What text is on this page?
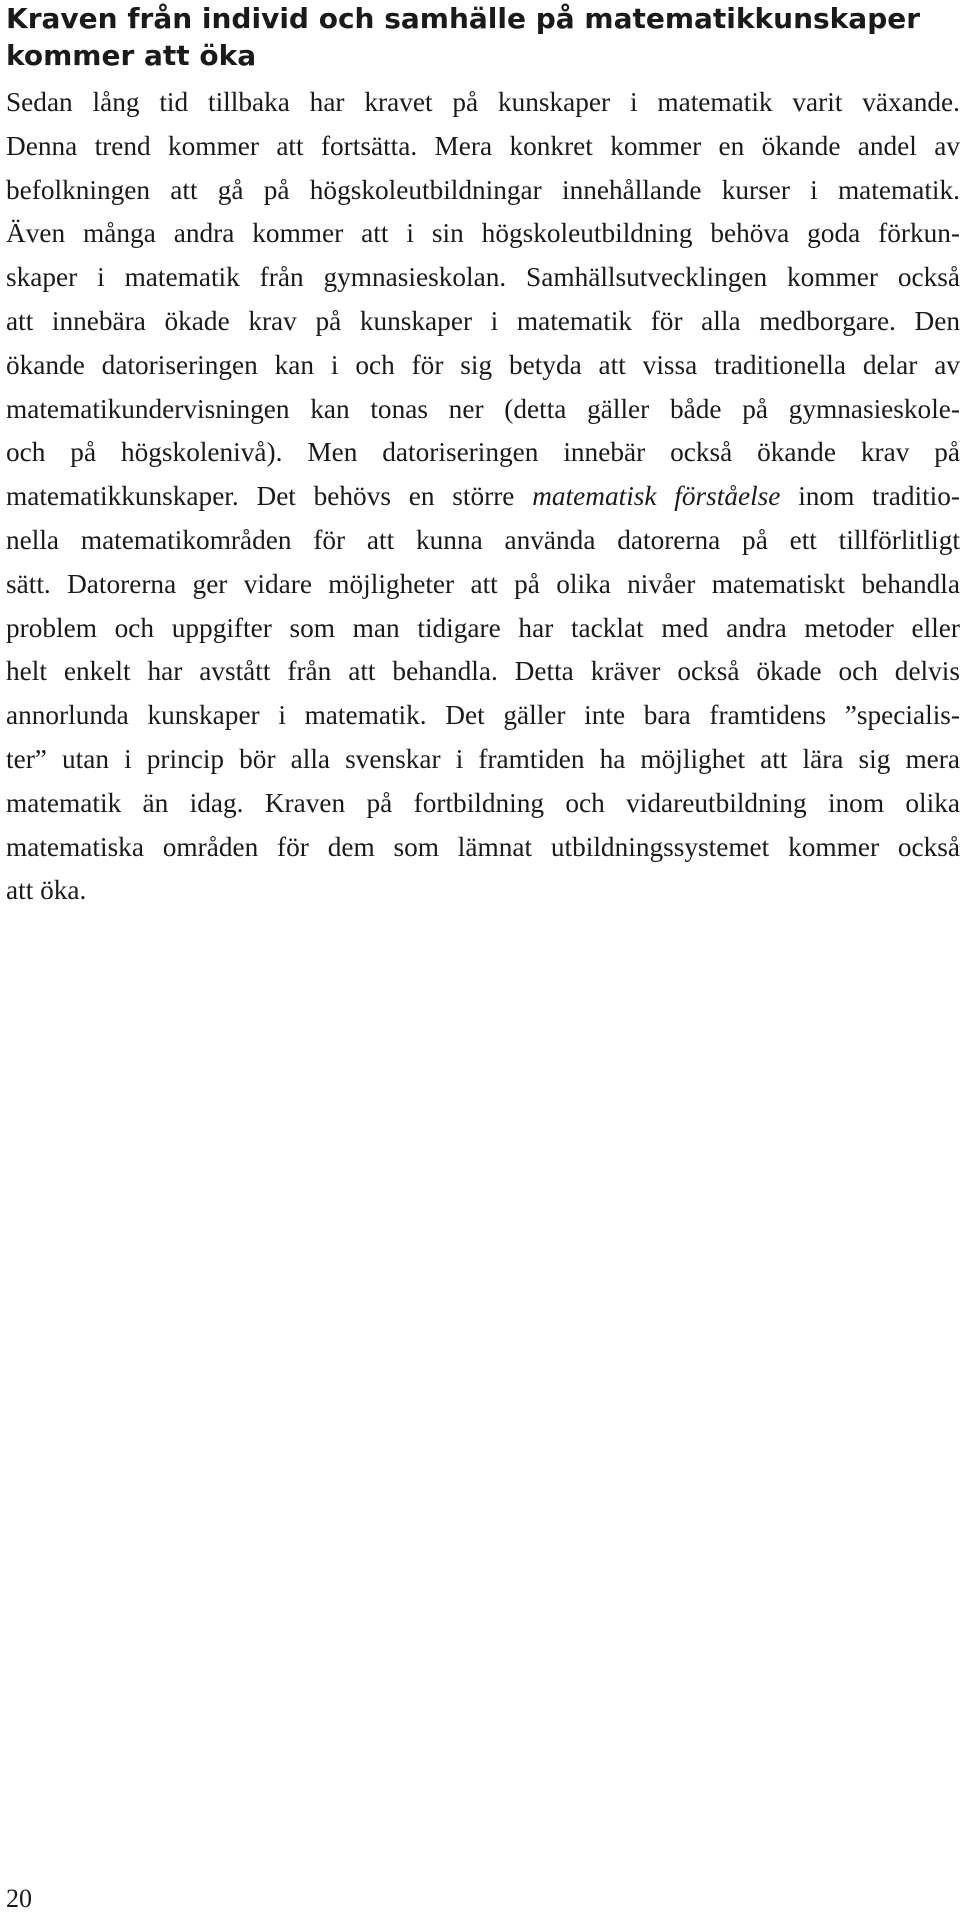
Kraven från individ och samhälle på matematikkunskaper
kommer att öka
Sedan lång tid tillbaka har kravet på kunskaper i matematik varit växande.
Denna trend kommer att fortsätta. Mera konkret kommer en ökande andel av
befolkningen att gå på högskoleutbildningar innehållande kurser i matematik.
Även många andra kommer att i sin högskoleutbildning behöva goda förkun-
skaper i matematik från gymnasieskolan. Samhällsutvecklingen kommer också
att innebära ökade krav på kunskaper i matematik för alla medborgare. Den
ökande datoriseringen kan i och för sig betyda att vissa traditionella delar av
matematikundervisningen kan tonas ner (detta gäller både på gymnasieskole-
och på högskolenivå). Men datoriseringen innebär också ökande krav på
matematikkunskaper. Det behövs en större matematisk förståelse inom traditio-
nella matematikområden för att kunna använda datorerna på ett tillförlitligt
sätt. Datorerna ger vidare möjligheter att på olika nivåer matematiskt behandla
problem och uppgifter som man tidigare har tacklat med andra metoder eller
helt enkelt har avstått från att behandla. Detta kräver också ökade och delvis
annorlunda kunskaper i matematik. Det gäller inte bara framtidens ”specialis-
ter” utan i princip bör alla svenskar i framtiden ha möjlighet att lära sig mera
matematik än idag. Kraven på fortbildning och vidareutbildning inom olika
matematiska områden för dem som lämnat utbildningssystemet kommer också
att öka.
20
